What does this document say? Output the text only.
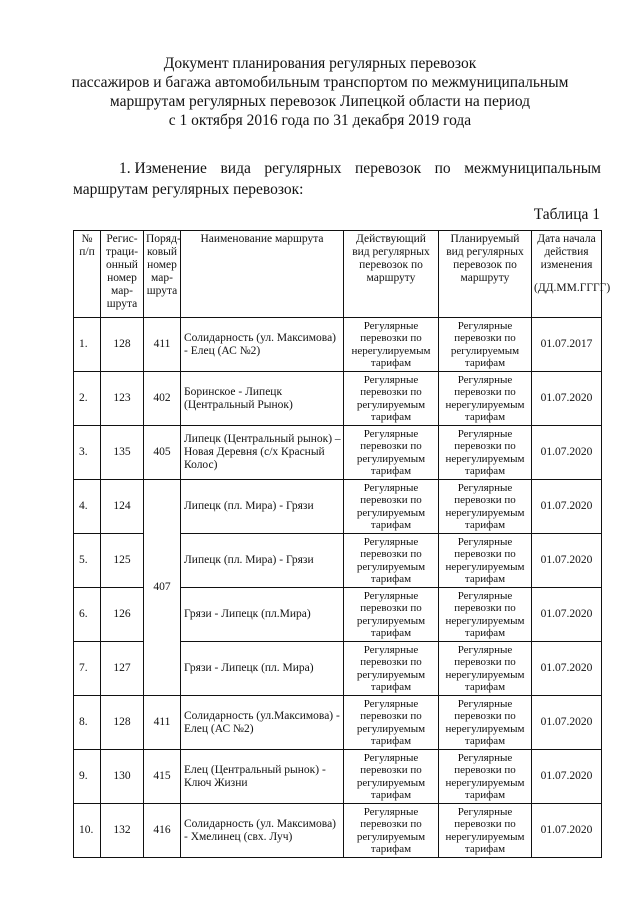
Документ планирования регулярных перевозок
пассажиров и багажа автомобильным транспортом по межмуниципальным
маршрутам регулярных перевозок Липецкой области на период
с 1 октября 2016 года по 31 декабря 2019 года
1. Изменение вида регулярных перевозок по межмуниципальным
маршрутам регулярных перевозок:
Таблица 1
№ п/п	Регис-траци-онный номер мар-шрута	Поряд-ковый номер мар-шрута	Наименование маршрута	Действующий вид регулярных перевозок по маршруту	Планируемый вид регулярных перевозок по маршруту	Дата начала действия изменения
(ДД.ММ.ГГГГ)

1.	128	411	Солидарность (ул. Максимова) - Елец (АС №2)	Регулярные перевозки по нерегулируемым тарифам	Регулярные перевозки по регулируемым тарифам	01.07.2017
2.	123	402	Боринское - Липецк (Центральный Рынок)	Регулярные перевозки по регулируемым тарифам	Регулярные перевозки по нерегулируемым тарифам	01.07.2020
3.	135	405	Липецк (Центральный рынок) – Новая Деревня (с/х Красный Колос)	Регулярные перевозки по регулируемым тарифам	Регулярные перевозки по нерегулируемым тарифам	01.07.2020
4.	124	407	Липецк (пл. Мира) - Грязи	Регулярные перевозки по регулируемым тарифам	Регулярные перевозки по нерегулируемым тарифам	01.07.2020
5.	125		Липецк (пл. Мира) - Грязи	Регулярные перевозки по регулируемым тарифам	Регулярные перевозки по нерегулируемым тарифам	01.07.2020
6.	126		Грязи - Липецк (пл.Мира)	Регулярные перевозки по регулируемым тарифам	Регулярные перевозки по нерегулируемым тарифам	01.07.2020
7.	127		Грязи - Липецк (пл. Мира)	Регулярные перевозки по регулируемым тарифам	Регулярные перевозки по нерегулируемым тарифам	01.07.2020
8.	128	411	Солидарность (ул.Максимова) - Елец (АС №2)	Регулярные перевозки по регулируемым тарифам	Регулярные перевозки по нерегулируемым тарифам	01.07.2020
9.	130	415	Елец (Центральный рынок) - Ключ Жизни	Регулярные перевозки по регулируемым тарифам	Регулярные перевозки по нерегулируемым тарифам	01.07.2020
10.	132	416	Солидарность (ул. Максимова) - Хмелинец (свх. Луч)	Регулярные перевозки по регулируемым тарифам	Регулярные перевозки по нерегулируемым тарифам	01.07.2020
